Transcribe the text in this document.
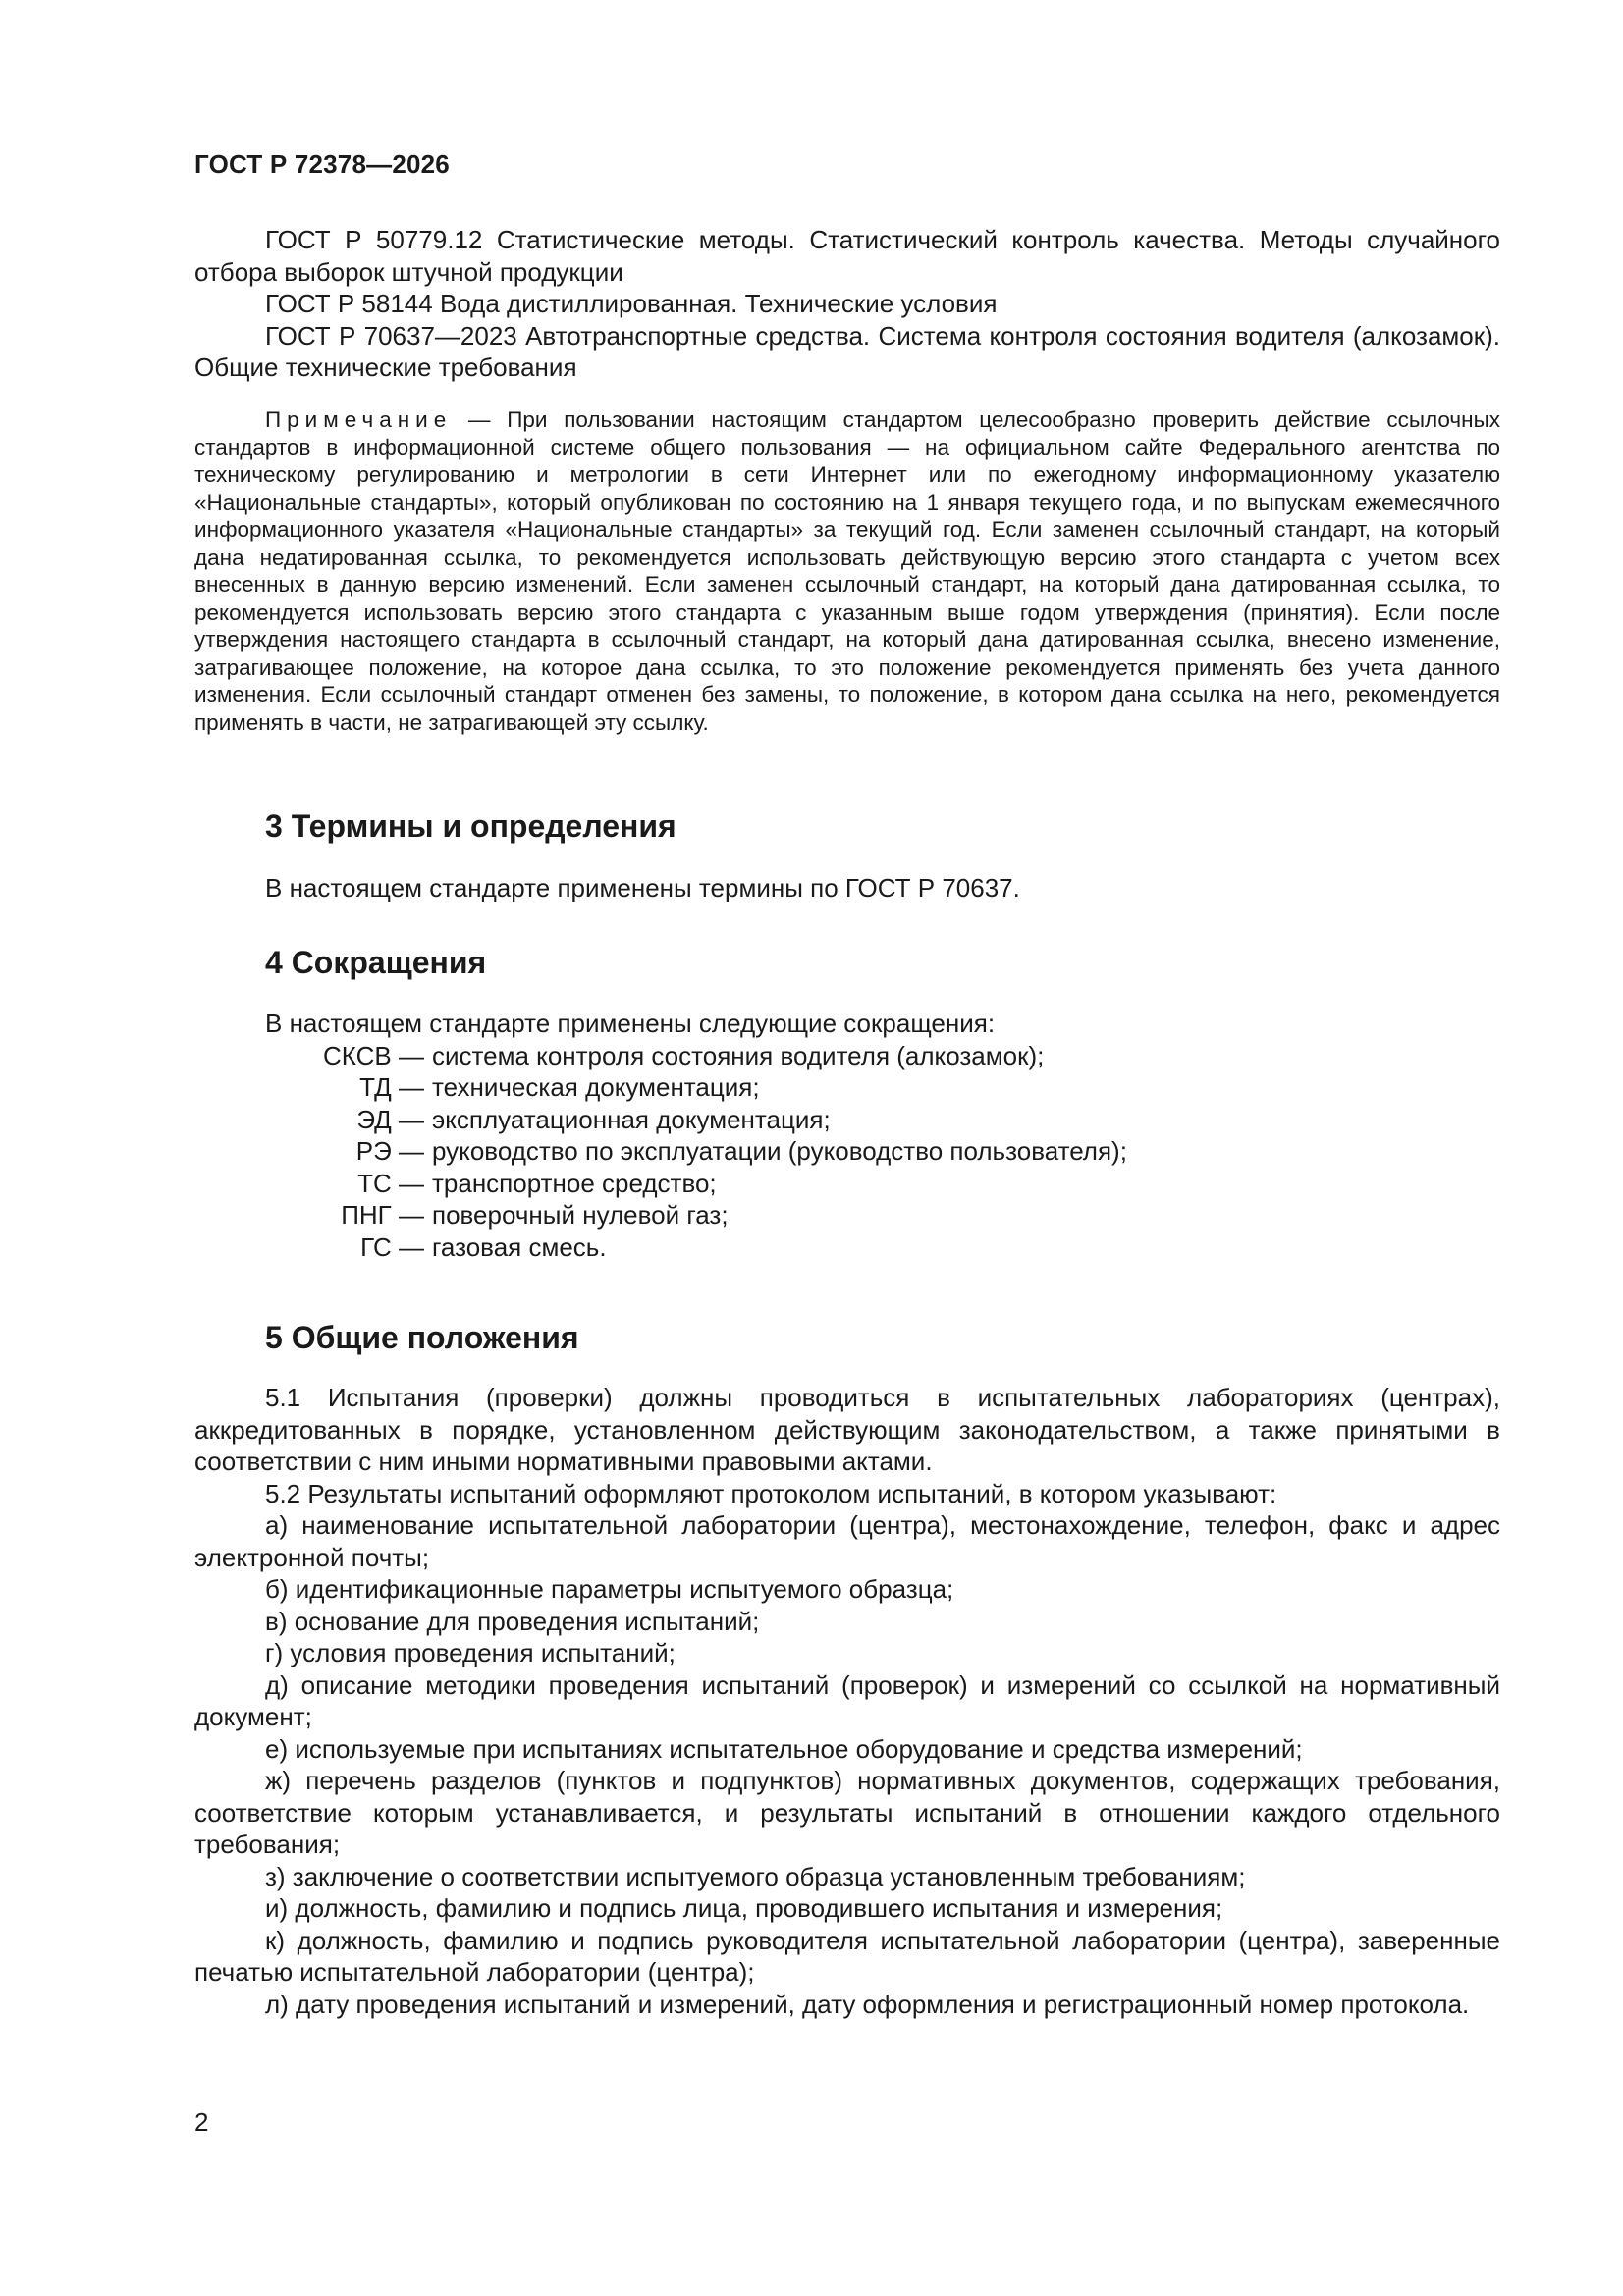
ГОСТ Р 72378—2026

ГОСТ Р 50779.12 Статистические методы. Статистический контроль качества. Методы случайного отбора выборок штучной продукции

ГОСТ Р 58144 Вода дистиллированная. Технические условия

ГОСТ Р 70637—2023 Автотранспортные средства. Система контроля состояния водителя (алкозамок). Общие технические требования

Примечание — При пользовании настоящим стандартом целесообразно проверить действие ссылочных стандартов в информационной системе общего пользования — на официальном сайте Федерального агентства по техническому регулированию и метрологии в сети Интернет или по ежегодному информационному указателю «Национальные стандарты», который опубликован по состоянию на 1 января текущего года, и по выпускам ежемесячного информационного указателя «Национальные стандарты» за текущий год. Если заменен ссылочный стандарт, на который дана недатированная ссылка, то рекомендуется использовать действующую версию этого стандарта с учетом всех внесенных в данную версию изменений. Если заменен ссылочный стандарт, на который дана датированная ссылка, то рекомендуется использовать версию этого стандарта с указанным выше годом утверждения (принятия). Если после утверждения настоящего стандарта в ссылочный стандарт, на который дана датированная ссылка, внесено изменение, затрагивающее положение, на которое дана ссылка, то это положение рекомендуется применять без учета данного изменения. Если ссылочный стандарт отменен без замены, то положение, в котором дана ссылка на него, рекомендуется применять в части, не затрагивающей эту ссылку.

3 Термины и определения

В настоящем стандарте применены термины по ГОСТ Р 70637.

4 Сокращения

В настоящем стандарте применены следующие сокращения:

СКСВ — система контроля состояния водителя (алкозамок);
ТД — техническая документация;
ЭД — эксплуатационная документация;
РЭ — руководство по эксплуатации (руководство пользователя);
ТС — транспортное средство;
ПНГ — поверочный нулевой газ;
ГС — газовая смесь.
5 Общие положения

5.1 Испытания (проверки) должны проводиться в испытательных лабораториях (центрах), аккредитованных в порядке, установленном действующим законодательством, а также принятыми в соответствии с ним иными нормативными правовыми актами.

5.2 Результаты испытаний оформляют протоколом испытаний, в котором указывают:

а) наименование испытательной лаборатории (центра), местонахождение, телефон, факс и адрес электронной почты;

б) идентификационные параметры испытуемого образца;

в) основание для проведения испытаний;

г) условия проведения испытаний;

д) описание методики проведения испытаний (проверок) и измерений со ссылкой на нормативный документ;

е) используемые при испытаниях испытательное оборудование и средства измерений;

ж) перечень разделов (пунктов и подпунктов) нормативных документов, содержащих требования, соответствие которым устанавливается, и результаты испытаний в отношении каждого отдельного требования;

з) заключение о соответствии испытуемого образца установленным требованиям;

и) должность, фамилию и подпись лица, проводившего испытания и измерения;

к) должность, фамилию и подпись руководителя испытательной лаборатории (центра), заверенные печатью испытательной лаборатории (центра);

л) дату проведения испытаний и измерений, дату оформления и регистрационный номер протокола.

2
